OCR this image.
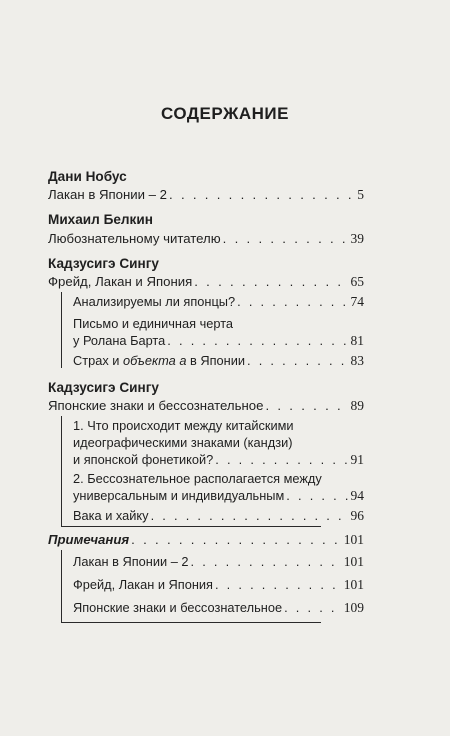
СОДЕРЖАНИЕ
Дани Нобус
Лакан в Японии – 2 . . .	5
Михаил Белкин
Любознательному читателю . . .	39
Кадзусигэ Сингу
Фрейд, Лакан и Япония . . .	65
Анализируемы ли японцы? . . .	74
Письмо и единичная черта
у Ролана Барта . . .	81
Страх и объекта а в Японии . . .	83
Кадзусигэ Сингу
Японские знаки и бессознательное . . .	89
1. Что происходит между китайскими
идеографическими знаками (кандзи)
и японской фонетикой? . . .	91
2. Бессознательное располагается между
универсальным и индивидуальным . . .	94
Вака и хайку . . .	96
Примечания . . .	101
Лакан в Японии – 2 . . .	101
Фрейд, Лакан и Япония . . .	101
Японские знаки и бессознательное . . .	109
